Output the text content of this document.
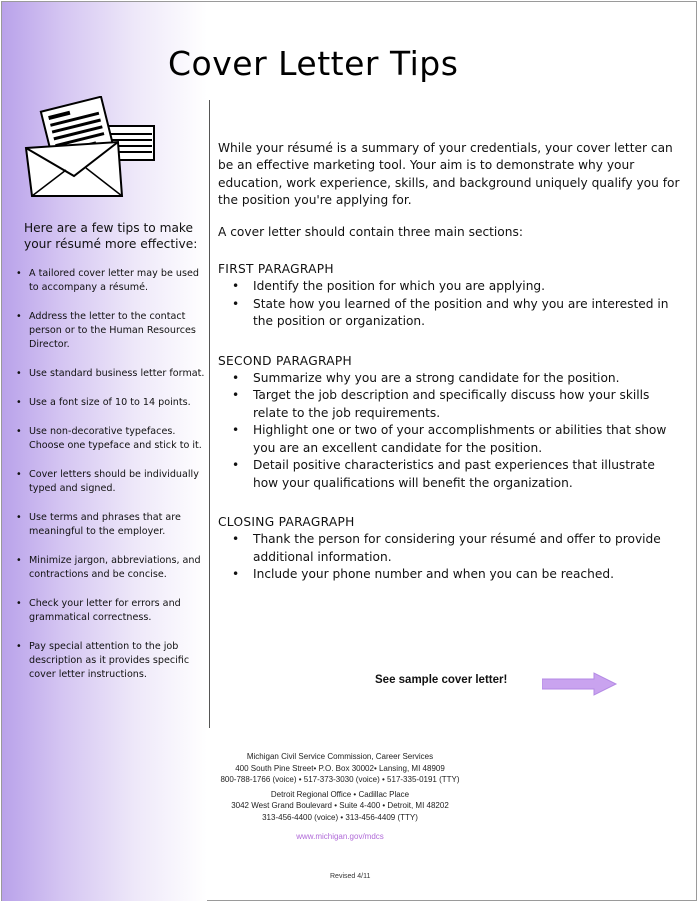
Cover Letter Tips
Here are a few tips to make your résumé more effective:
• A tailored cover letter may be used to accompany a résumé.
• Address the letter to the contact person or to the Human Resources Director.
• Use standard business letter format.
• Use a font size of 10 to 14 points.
• Use non-decorative typefaces. Choose one typeface and stick to it.
• Cover letters should be individually typed and signed.
• Use terms and phrases that are meaningful to the employer.
• Minimize jargon, abbreviations, and contractions and be concise.
• Check your letter for errors and grammatical correctness.
• Pay special attention to the job description as it provides specific cover letter instructions.

While your résumé is a summary of your credentials, your cover letter can be an effective marketing tool. Your aim is to demonstrate why your education, work experience, skills, and background uniquely qualify you for the position you're applying for.

A cover letter should contain three main sections:

FIRST PARAGRAPH
• Identify the position for which you are applying.
• State how you learned of the position and why you are interested in the position or organization.
SECOND PARAGRAPH
• Summarize why you are a strong candidate for the position.
• Target the job description and specifically discuss how your skills relate to the job requirements.
• Highlight one or two of your accomplishments or abilities that show you are an excellent candidate for the position.
• Detail positive characteristics and past experiences that illustrate how your qualifications will benefit the organization.
CLOSING PARAGRAPH
• Thank the person for considering your résumé and offer to provide additional information.
• Include your phone number and when you can be reached.
See sample cover letter!
Michigan Civil Service Commission, Career Services
400 South Pine Street• P.O. Box 30002• Lansing, MI 48909
800-788-1766 (voice) • 517-373-3030 (voice) • 517-335-0191 (TTY)
Detroit Regional Office • Cadillac Place
3042 West Grand Boulevard • Suite 4-400 • Detroit, MI 48202
313-456-4400 (voice) • 313-456-4409 (TTY)
www.michigan.gov/mdcs
Revised 4/11
